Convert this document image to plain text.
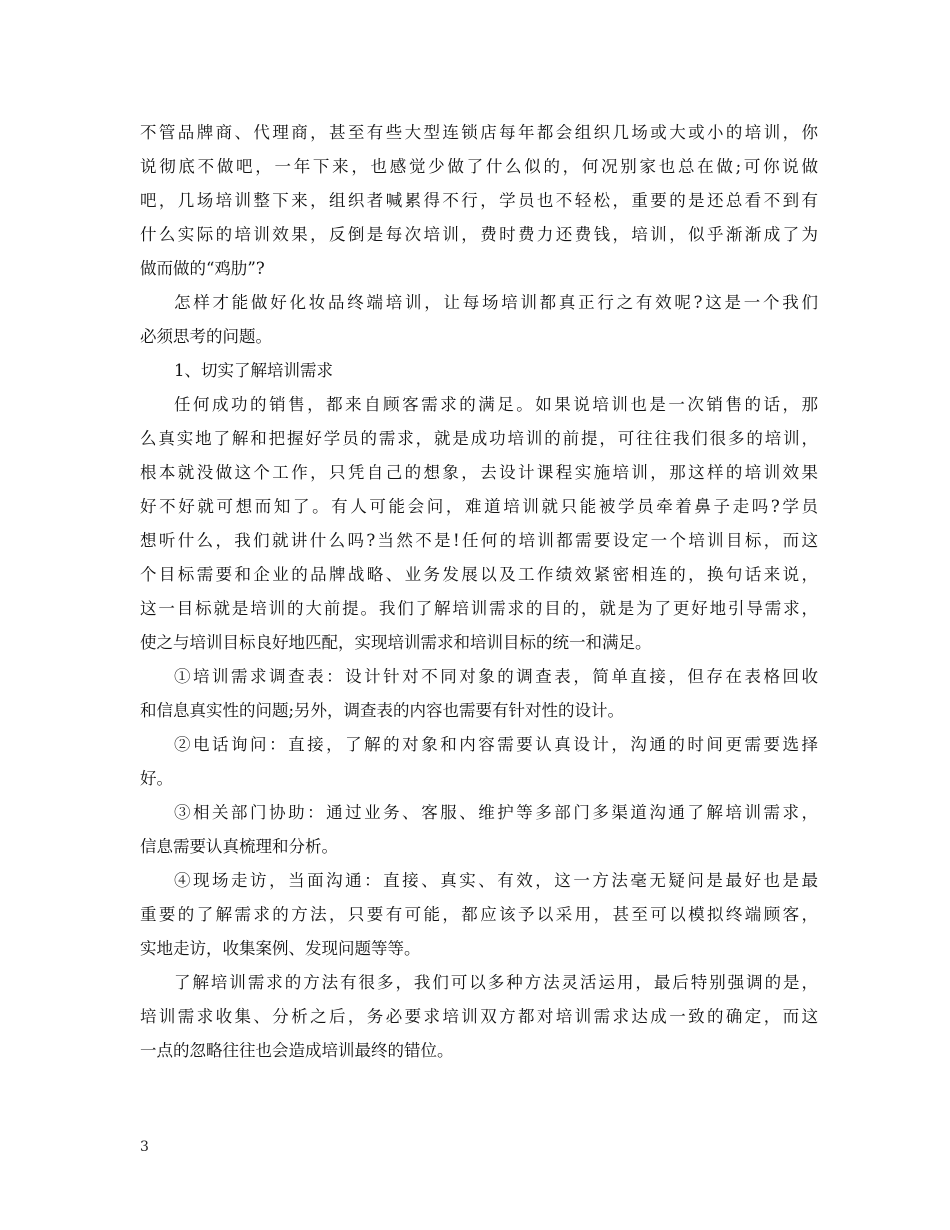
不管品牌商、代理商，甚至有些大型连锁店每年都会组织几场或大或小的培训，你
说彻底不做吧，一年下来，也感觉少做了什么似的，何况别家也总在做;可你说做
吧，几场培训整下来，组织者喊累得不行，学员也不轻松，重要的是还总看不到有
什么实际的培训效果，反倒是每次培训，费时费力还费钱，培训，似乎渐渐成了为
做而做的“鸡肋”?
怎样才能做好化妆品终端培训，让每场培训都真正行之有效呢?这是一个我们
必须思考的问题。
1、切实了解培训需求
任何成功的销售，都来自顾客需求的满足。如果说培训也是一次销售的话，那
么真实地了解和把握好学员的需求，就是成功培训的前提，可往往我们很多的培训，
根本就没做这个工作，只凭自己的想象，去设计课程实施培训，那这样的培训效果
好不好就可想而知了。有人可能会问，难道培训就只能被学员牵着鼻子走吗?学员
想听什么，我们就讲什么吗?当然不是!任何的培训都需要设定一个培训目标，而这
个目标需要和企业的品牌战略、业务发展以及工作绩效紧密相连的，换句话来说，
这一目标就是培训的大前提。我们了解培训需求的目的，就是为了更好地引导需求，
使之与培训目标良好地匹配，实现培训需求和培训目标的统一和满足。
①培训需求调查表：设计针对不同对象的调查表，简单直接，但存在表格回收
和信息真实性的问题;另外，调查表的内容也需要有针对性的设计。
②电话询问：直接，了解的对象和内容需要认真设计，沟通的时间更需要选择
好。
③相关部门协助：通过业务、客服、维护等多部门多渠道沟通了解培训需求，
信息需要认真梳理和分析。
④现场走访，当面沟通：直接、真实、有效，这一方法毫无疑问是最好也是最
重要的了解需求的方法，只要有可能，都应该予以采用，甚至可以模拟终端顾客，
实地走访，收集案例、发现问题等等。
了解培训需求的方法有很多，我们可以多种方法灵活运用，最后特别强调的是，
培训需求收集、分析之后，务必要求培训双方都对培训需求达成一致的确定，而这
一点的忽略往往也会造成培训最终的错位。
3
